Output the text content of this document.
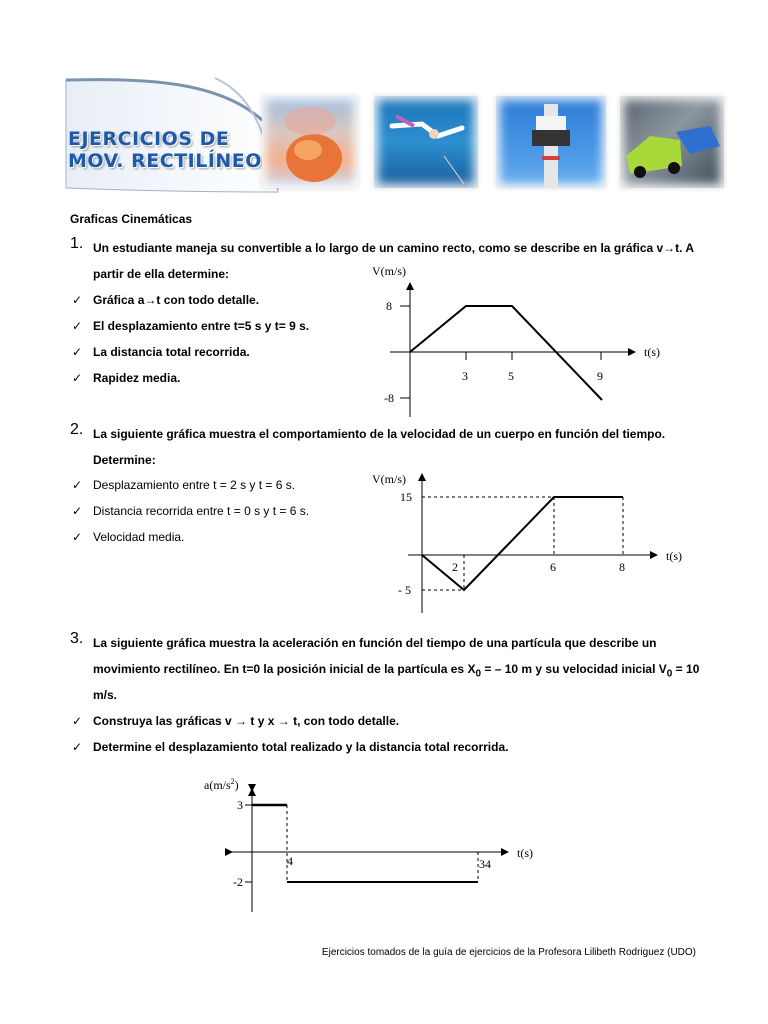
EJERCICIOS DE
MOV. RECTILÍNEO
Graficas Cinemáticas
1. Un estudiante maneja su convertible a lo largo de un camino recto, como se describe en la gráfica v→t. A
partir de ella determine:
✓ Gráfica a→t con todo detalle.
✓ El desplazamiento entre t=5 s y t= 9 s.
✓ La distancia total recorrida.
✓ Rapidez media.
V(m/s)
t(s)
8
-8
3	5	9
2. La siguiente gráfica muestra el comportamiento de la velocidad de un cuerpo en función del tiempo.
Determine:
✓ Desplazamiento entre t = 2 s y t = 6 s.
✓ Distancia recorrida entre t = 0 s y t = 6 s.
✓ Velocidad media.
V(m/s)
t(s)
15
- 5
2	6	8
3. La siguiente gráfica muestra la aceleración en función del tiempo de una partícula que describe un
movimiento rectilíneo. En t=0 la posición inicial de la partícula es $X_0$ = – 10 m y su velocidad inicial $V_0 = 10$
m/s.
✓ Construya las gráficas v → t y x → t, con todo detalle.
✓ Determine el desplazamiento total realizado y la distancia total recorrida.
$a(m/s^2)$
t(s)
3
-2
4	34
Ejercicios tomados de la guía de ejercicios de la Profesora Lilibeth Rodriguez (UDO)
